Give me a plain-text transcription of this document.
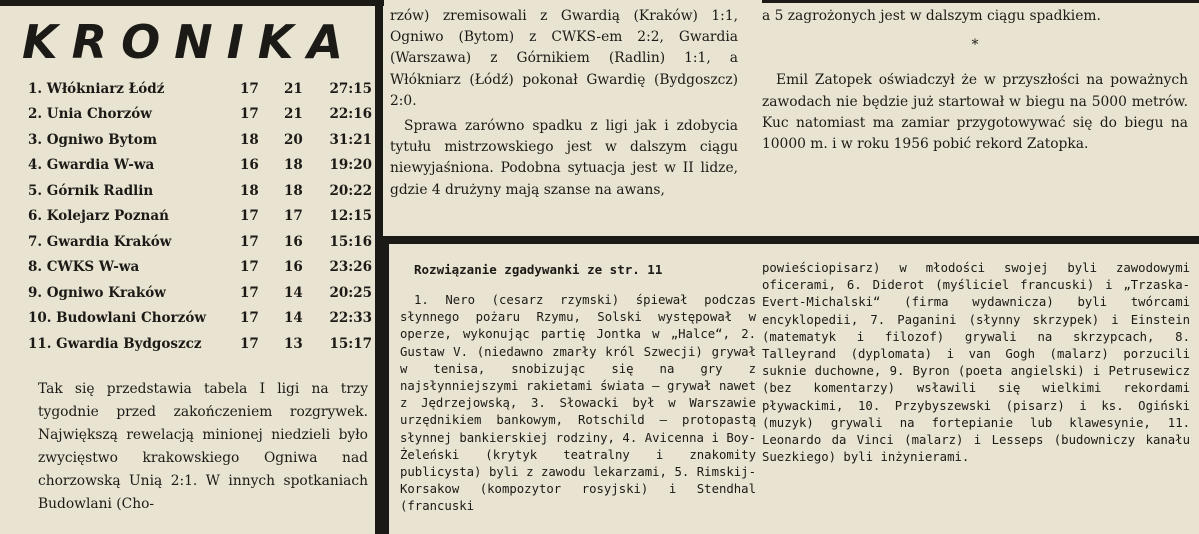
KRONIKA
1. Włókniarz Łódź	17	21	27:15
2. Unia Chorzów	17	21	22:16
3. Ogniwo Bytom	18	20	31:21
4. Gwardia W-wa	16	18	19:20
5. Górnik Radlin	18	18	20:22
6. Kolejarz Poznań	17	17	12:15
7. Gwardia Kraków	17	16	15:16
8. CWKS W-wa	17	16	23:26
9. Ogniwo Kraków	17	14	20:25
10. Budowlani Chorzów	17	14	22:33
11. Gwardia Bydgoszcz	17	13	15:17
Tak się przedstawia tabela I ligi na trzy tygodnie przed zakończeniem rozgrywek. Największą rewelacją minionej niedzieli było zwycięstwo krakowskiego Ogniwa nad chorzowską Unią 2:1. W innych spotkaniach Budowlani (Cho-

rzów) zremisowali z Gwardią (Kraków) 1:1, Ogniwo (Bytom) z CWKS-em 2:2, Gwardia (Warszawa) z Górnikiem (Radlin) 1:1, a Włókniarz (Łódź) pokonał Gwardię (Bydgoszcz) 2:0.

Sprawa zarówno spadku z ligi jak i zdobycia tytułu mistrzowskiego jest w dalszym ciągu niewyjaśniona. Podobna sytuacja jest w II lidze, gdzie 4 drużyny mają szanse na awans,

a 5 zagrożonych jest w dalszym ciągu spadkiem.

*

Emil Zatopek oświadczył że w przyszłości na poważnych zawodach nie będzie już startował w biegu na 5000 metrów. Kuc natomiast ma zamiar przygotowywać się do biegu na 10000 m. i w roku 1956 pobić rekord Zatopka.

Rozwiązanie zgadywanki ze str. 11

1. Nero (cesarz rzymski) śpiewał podczas słynnego pożaru Rzymu, Solski występował w operze, wykonując partię Jontka w „Halce“, 2. Gustaw V. (niedawno zmarły król Szwecji) grywał w tenisa, snobizując się na gry z najsłynniejszymi rakietami świata — grywał nawet z Jędrzejowską, 3. Słowacki był w Warszawie urzędnikiem bankowym, Rotschild — protopastą słynnej bankierskiej rodziny, 4. Avicenna i Boy-Żeleński (krytyk teatralny i znakomity publicysta) byli z zawodu lekarzami, 5. Rimskij-Korsakow (kompozytor rosyjski) i Stendhal (francuski

powieściopisarz) w młodości swojej byli zawodowymi oficerami, 6. Diderot (myśliciel francuski) i „Trzaska-Evert-Michalski“ (firma wydawnicza) byli twórcami encyklopedii, 7. Paganini (słynny skrzypek) i Einstein (matematyk i filozof) grywali na skrzypcach, 8. Talleyrand (dyplomata) i van Gogh (malarz) porzucili suknie duchowne, 9. Byron (poeta angielski) i Petrusewicz (bez komentarzy) wsławili się wielkimi rekordami pływackimi, 10. Przybyszewski (pisarz) i ks. Ogiński (muzyk) grywali na fortepianie lub klawesynie, 11. Leonardo da Vinci (malarz) i Lesseps (budowniczy kanału Suezkiego) byli inżynierami.
